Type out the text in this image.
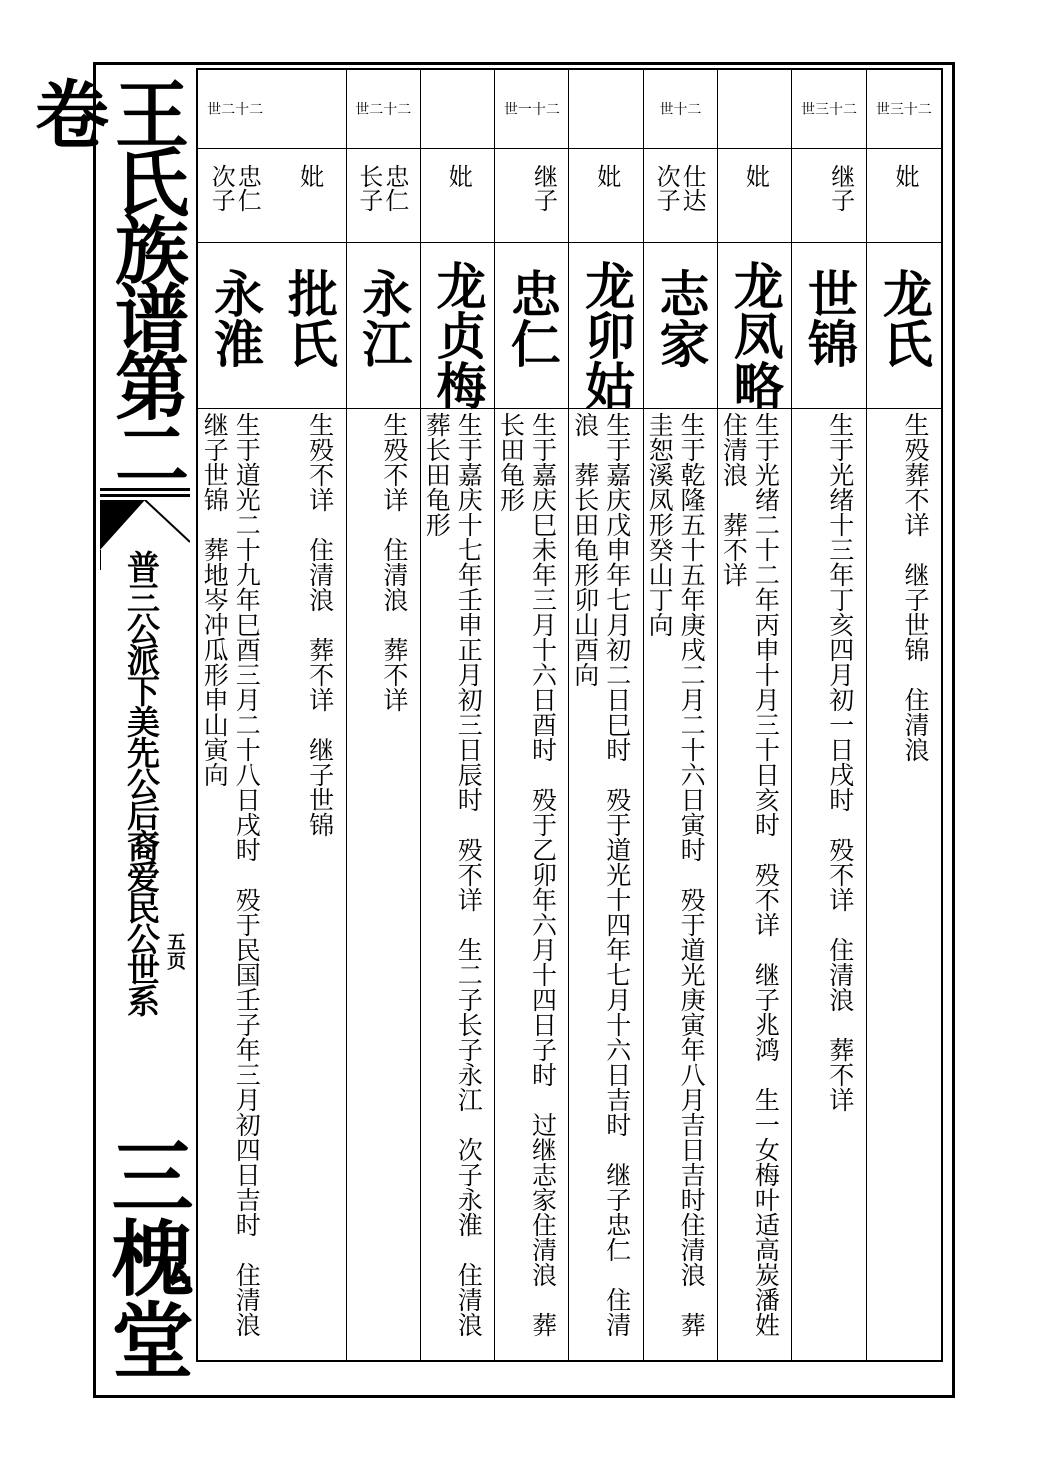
王氏族谱第二卷
普三公派下美先公后裔爱民公世系 五页
三槐堂
世三十二
妣
龙氏
生殁葬不详　继子世锦　住清浪
世三十二
继子
世锦
生于光绪十三年丁亥四月初一日戌时　殁不详　住清浪　葬不详
妣
龙凤略
生于光绪二十二年丙申十月三十日亥时　殁不详　继子兆鸿　生一女梅叶适高炭潘姓　住清浪　葬不详
世十二
仕达次子
志家
生于乾隆五十五年庚戌二月二十六日寅时　殁于道光庚寅年八月吉日吉时住清浪　葬圭恕溪凤形癸山丁向
妣
龙卯姑
生于嘉庆戊申年七月初二日巳时　殁于道光十四年七月十六日吉时　继子忠仁　住清浪　葬长田龟形卯山酉向
世一十二
继子
忠仁
生于嘉庆巳未年三月十六日酉时　殁于乙卯年六月十四日子时　过继志家住清浪　葬长田龟形
妣
龙贞梅
生于嘉庆十七年壬申正月初三日辰时　殁不详　生二子长子永江　次子永淮　住清浪　葬长田龟形
世二十二
忠仁长子
永江
生殁不详　住清浪　葬不详
妣
批氏
生殁不详　住清浪　葬不详　继子世锦
世二十二
忠仁次子
永淮
生于道光二十九年巳酉三月二十八日戌时　殁于民国壬子年三月初四日吉时　住清浪　继子世锦　葬地岑冲瓜形申山寅向
